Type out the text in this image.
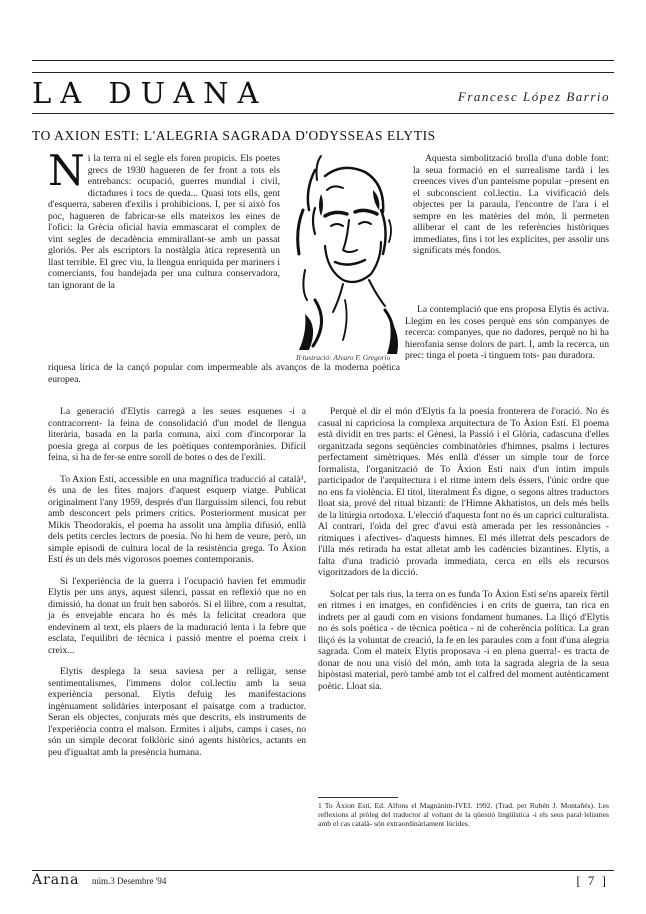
LA DUANA	Francesc López Barrio
TO AXION ESTI: L'ALEGRIA SAGRADA D'ODYSSEAS ELYTIS
Il·lustració: Alvaro F. Gregorio

Ni la terra ni el segle els foren propicis. Els poetes grecs de 1930 hagueren de fer front a tots els entrebancs: ocupació, guerres mundial i civil, dictadures i tocs de queda... Quasi tots ells, gent d'esquerra, saberen d'exilis i prohibicions. I, per si això fos poc, hagueren de fabricar-se ells mateixos les eines de l'ofici: la Grècia oficial havia emmascarat el complex de vint segles de decadència emmirallant-se amb un passat gloriós. Per als escriptors la nostàlgia àtica representà un llast terrible. El grec viu, la llengua enriquida per mariners i comerciants, fou bandejada per una cultura conservadora, tan ignorant de la

riquesa lírica de la cançó popular com impermeable als avanços de la moderna poètica europea.

Aquesta simbolització brolla d'una doble font: la seua formació en el surrealisme tardà i les creences vives d'un panteisme popular –present en el subconscient col.lectiu. La vivificació dels objectes per la paraula, l'encontre de l'ara i el sempre en les matèries del món, li permeten alliberar el cant de les referències històriques immediates, fins i tot les explícites, per assolir uns significats més fondos.

La contemplació que ens proposa Elytis és activa. Llegim en les coses perquè ens són companyes de recerca: companyes, que no dadores, perquè no hi ha hierofania sense dolors de part. I, amb la recerca, un prec: tinga el poeta -i tinguem tots- pau duradora.

La generació d'Elytis carregà a les seues esquenes -i a contracorrent- la feina de consolidació d'un model de llengua literària, basada en la parla comuna, així com d'incorporar la poesia grega al corpus de les poètiques contemporànies. Difícil feina, si ha de fer-se entre soroll de botes o des de l'exili.

To Axion Estí, accessible en una magnífica traducció al català¹, és una de les fites majors d'aquest esquerp viatge. Publicat originalment l'any 1959, després d'un llarguíssim silenci, fou rebut amb desconcert pels primers crítics. Posteriorment musicat per Mikis Theodorakis, el poema ha assolit una àmplia difusió, enllà dels petits cercles lectors de poesia. No hi hem de veure, però, un simple episodi de cultura local de la resistència grega. To Àxion Estí és un dels més vigorosos poemes contemporanis.

Si l'experiència de la guerra i l'ocupació havien fet emmudir Elytis per uns anys, aquest silenci, passat en reflexió que no en dimissió, ha donat un fruit ben saborós. Si el llibre, com a resultat, ja és envejable encara ho és més la felicitat creadora que endevinem al text, els plaers de la maduració lenta i la febre que esclata, l'equilibri de tècnica i passió mentre el poema creix i creix...

Elytis desplega la seua saviesa per a relligar, sense sentimentalismes, l'immens dolor col.lectiu amb la seua experiència personal. Elytis defuig les manifestacions ingènuament solidàries interposant el paisatge com a traductor. Seran els objectes, conjurats més que descrits, els instruments de l'experiència contra el malson. Ermites i aljubs, camps i cases, no són un simple decorat folklòric sinó agents històrics, actants en peu d'igualtat amb la presència humana.

Perquè el dir el món d'Elytis fa la poesia fronterera de l'oració. No és casual ni capriciosa la complexa arquitectura de To Àxion Estí. El poema està dividit en tres parts: el Gènesi, la Passió i el Glòria, cadascuna d'elles organitzada segons seqüències combinatòries d'himnes, psalms i lectures perfectament simètriques. Més enllà d'ésser un simple tour de force formalista, l'organització de To Àxion Estí naix d'un íntim impuls participador de l'arquitectura i el ritme intern dels éssers, l'únic ordre que no ens fa violència. El títol, literalment És digne, o segons altres traductors lloat sia, prové del ritual bizantí: de l'Himne Akhatistos, un dels més bells de la litúrgia ortodoxa. L'elecció d'aquesta font no és un caprici culturalista. Al contrari, l'oïda del grec d'avui està amerada per les ressonàncies -rítmiques i afectives- d'aquests himnes. El més illetrat dels pescadors de l'illa més retirada ha estat alletat amb les cadències bizantines. Elytis, a falta d'una tradició provada immediata, cerca en ells els recursos vigoritzadors de la dicció.

Solcat per tals rius, la terra on es funda To Àxion Estí se'ns apareix fèrtil en ritmes i en imatges, en confidències i en crits de guerra, tan rica en indrets per al gaudi com en visions fondament humanes. La lliçó d'Elytis no és sols poètica - de tècnica poètica - ni de coherència política. La gran lliçó és la voluntat de creació, la fe en les paraules com a font d'una alegria sagrada. Com el mateix Elytis proposava -i en plena guerra!- es tracta de donar de nou una visió del món, amb tota la sagrada alegria de la seua hipòstasi material, però també amb tot el calfred del moment autènticament poètic. Lloat sia.

1 To Àxion Estí, Ed. Alfons el Magnànim-IVEI. 1992. (Trad. per Rubén J. Montañés). Les reflexions al pròleg del traductor al voltant de la qüestió lingüística -i els seus paral·lelismes amb el cas català- són extraordinàriament lúcides.
Arana núm.3 Desembre '94	[ 7 ]
